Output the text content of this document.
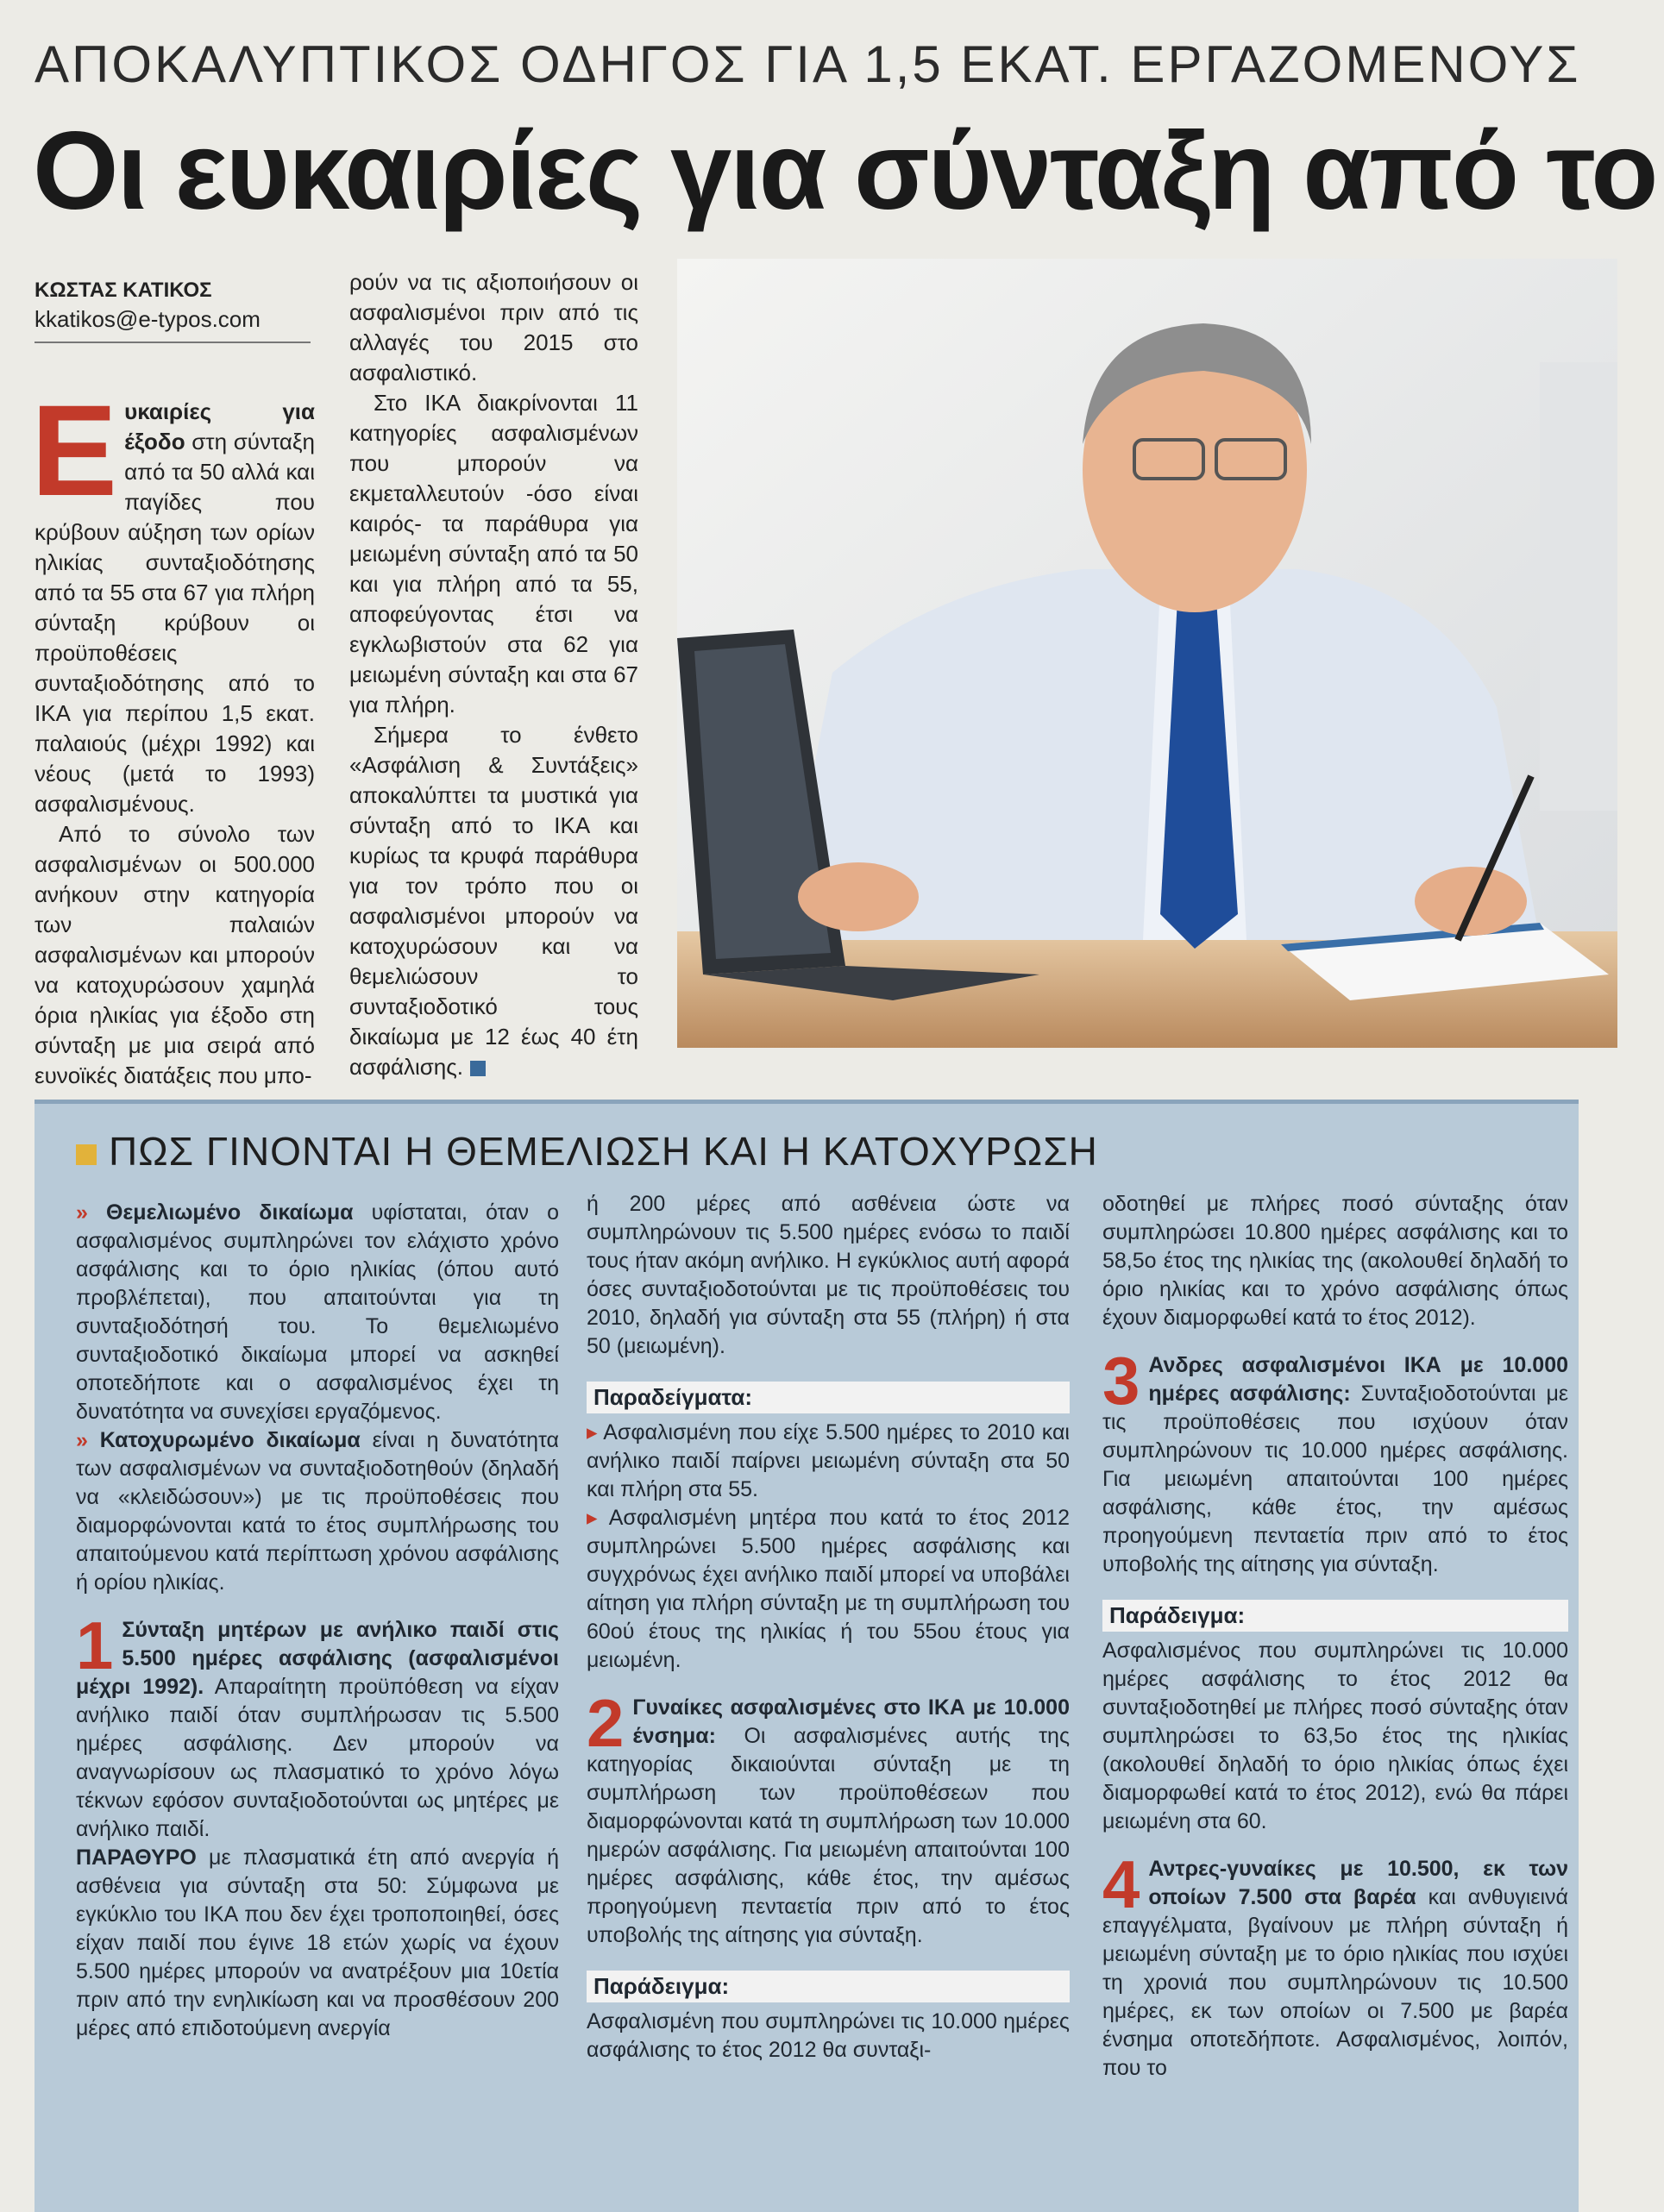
ΑΠΟΚΑΛΥΠΤΙΚΟΣ ΟΔΗΓΟΣ ΓΙΑ 1,5 ΕΚΑΤ. ΕΡΓΑΖΟΜΕΝΟΥΣ
Οι ευκαιρίες για σύνταξη από το
ΚΩΣΤΑΣ ΚΑΤΙΚΟΣ
kkatikos@e-typos.com

Ε υκαιρίες για έξοδο στη σύνταξη από τα 50 αλλά και παγίδες που κρύβουν αύξηση των ορίων ηλικίας συνταξιοδότησης από τα 55 στα 67 για πλήρη σύνταξη κρύβουν οι προϋποθέσεις συνταξιοδότησης από το ΙΚΑ για περίπου 1,5 εκατ. παλαιούς (μέχρι 1992) και νέους (μετά το 1993) ασφαλισμένους.

Από το σύνολο των ασφαλισμένων οι 500.000 ανήκουν στην κατηγορία των παλαιών ασφαλισμένων και μπορούν να κατοχυρώσουν χαμηλά όρια ηλικίας για έξοδο στη σύνταξη με μια σειρά από ευνοϊκές διατάξεις που μπο-

ρούν να τις αξιοποιήσουν οι ασφαλισμένοι πριν από τις αλλαγές του 2015 στο ασφαλιστικό.

Στο ΙΚΑ διακρίνονται 11 κατηγορίες ασφαλισμένων που μπορούν να εκμεταλλευτούν -όσο είναι καιρός- τα παράθυρα για μειωμένη σύνταξη από τα 50 και για πλήρη από τα 55, αποφεύγοντας έτσι να εγκλωβιστούν στα 62 για μειωμένη σύνταξη και στα 67 για πλήρη.

Σήμερα το ένθετο «Ασφάλιση & Συντάξεις» αποκαλύπτει τα μυστικά για σύνταξη από το ΙΚΑ και κυρίως τα κρυφά παράθυρα για τον τρόπο που οι ασφαλισμένοι μπορούν να κατοχυρώσουν και να θεμελιώσουν το συνταξιοδοτικό τους δικαίωμα με 12 έως 40 έτη ασφάλισης.

ΠΩΣ ΓΙΝΟΝΤΑΙ Η ΘΕΜΕΛΙΩΣΗ ΚΑΙ Η ΚΑΤΟΧΥΡΩΣΗ

» Θεμελιωμένο δικαίωμα υφίσταται, όταν ο ασφαλισμένος συμπληρώνει τον ελάχιστο χρόνο ασφάλισης και το όριο ηλικίας (όπου αυτό προβλέπεται), που απαιτούνται για τη συνταξιοδότησή του. Το θεμελιωμένο συνταξιοδοτικό δικαίωμα μπορεί να ασκηθεί οποτεδήποτε και ο ασφαλισμένος έχει τη δυνατότητα να συνεχίσει εργαζόμενος.

» Κατοχυρωμένο δικαίωμα είναι η δυνατότητα των ασφαλισμένων να συνταξιοδοτηθούν (δηλαδή να «κλειδώσουν») με τις προϋποθέσεις που διαμορφώνονται κατά το έτος συμπλήρωσης του απαιτούμενου κατά περίπτωση χρόνου ασφάλισης ή ορίου ηλικίας.

1 Σύνταξη μητέρων με ανήλικο παιδί στις 5.500 ημέρες ασφάλισης (ασφαλισμένοι μέχρι 1992). Απαραίτητη προϋπόθεση να είχαν ανήλικο παιδί όταν συμπλήρωσαν τις 5.500 ημέρες ασφάλισης. Δεν μπορούν να αναγνωρίσουν ως πλασματικό το χρόνο λόγω τέκνων εφόσον συνταξιοδοτούνται ως μητέρες με ανήλικο παιδί.

ΠΑΡΑΘΥΡΟ με πλασματικά έτη από ανεργία ή ασθένεια για σύνταξη στα 50: Σύμφωνα με εγκύκλιο του ΙΚΑ που δεν έχει τροποποιηθεί, όσες είχαν παιδί που έγινε 18 ετών χωρίς να έχουν 5.500 ημέρες μπορούν να ανατρέξουν μια 10ετία πριν από την ενηλικίωση και να προσθέσουν 200 μέρες από επιδοτούμενη ανεργία

ή 200 μέρες από ασθένεια ώστε να συμπληρώνουν τις 5.500 ημέρες ενόσω το παιδί τους ήταν ακόμη ανήλικο. Η εγκύκλιος αυτή αφορά όσες συνταξιοδοτούνται με τις προϋποθέσεις του 2010, δηλαδή για σύνταξη στα 55 (πλήρη) ή στα 50 (μειωμένη).

Παραδείγματα:

▸ Ασφαλισμένη που είχε 5.500 ημέρες το 2010 και ανήλικο παιδί παίρνει μειωμένη σύνταξη στα 50 και πλήρη στα 55.

▸ Ασφαλισμένη μητέρα που κατά το έτος 2012 συμπληρώνει 5.500 ημέρες ασφάλισης και συγχρόνως έχει ανήλικο παιδί μπορεί να υποβάλει αίτηση για πλήρη σύνταξη με τη συμπλήρωση του 60ού έτους της ηλικίας ή του 55ου έτους για μειωμένη.

2 Γυναίκες ασφαλισμένες στο ΙΚΑ με 10.000 ένσημα: Οι ασφαλισμένες αυτής της κατηγορίας δικαιούνται σύνταξη με τη συμπλήρωση των προϋποθέσεων που διαμορφώνονται κατά τη συμπλήρωση των 10.000 ημερών ασφάλισης. Για μειωμένη απαιτούνται 100 ημέρες ασφάλισης, κάθε έτος, την αμέσως προηγούμενη πενταετία πριν από το έτος υποβολής της αίτησης για σύνταξη.

Παράδειγμα:

Ασφαλισμένη που συμπληρώνει τις 10.000 ημέρες ασφάλισης το έτος 2012 θα συνταξι-

οδοτηθεί με πλήρες ποσό σύνταξης όταν συμπληρώσει 10.800 ημέρες ασφάλισης και το 58,5ο έτος της ηλικίας της (ακολουθεί δηλαδή το όριο ηλικίας και το χρόνο ασφάλισης όπως έχουν διαμορφωθεί κατά το έτος 2012).

3 Ανδρες ασφαλισμένοι ΙΚΑ με 10.000 ημέρες ασφάλισης: Συνταξιοδοτούνται με τις προϋποθέσεις που ισχύουν όταν συμπληρώνουν τις 10.000 ημέρες ασφάλισης. Για μειωμένη απαιτούνται 100 ημέρες ασφάλισης, κάθε έτος, την αμέσως προηγούμενη πενταετία πριν από το έτος υποβολής της αίτησης για σύνταξη.

Παράδειγμα:

Ασφαλισμένος που συμπληρώνει τις 10.000 ημέρες ασφάλισης το έτος 2012 θα συνταξιοδοτηθεί με πλήρες ποσό σύνταξης όταν συμπληρώσει το 63,5ο έτος της ηλικίας (ακολουθεί δηλαδή το όριο ηλικίας όπως έχει διαμορφωθεί κατά το έτος 2012), ενώ θα πάρει μειωμένη στα 60.

4 Αντρες-γυναίκες με 10.500, εκ των οποίων 7.500 στα βαρέα και ανθυγιεινά επαγγέλματα, βγαίνουν με πλήρη σύνταξη ή μειωμένη σύνταξη με το όριο ηλικίας που ισχύει τη χρονιά που συμπληρώνουν τις 10.500 ημέρες, εκ των οποίων οι 7.500 με βαρέα ένσημα οποτεδήποτε. Ασφαλισμένος, λοιπόν, που το
